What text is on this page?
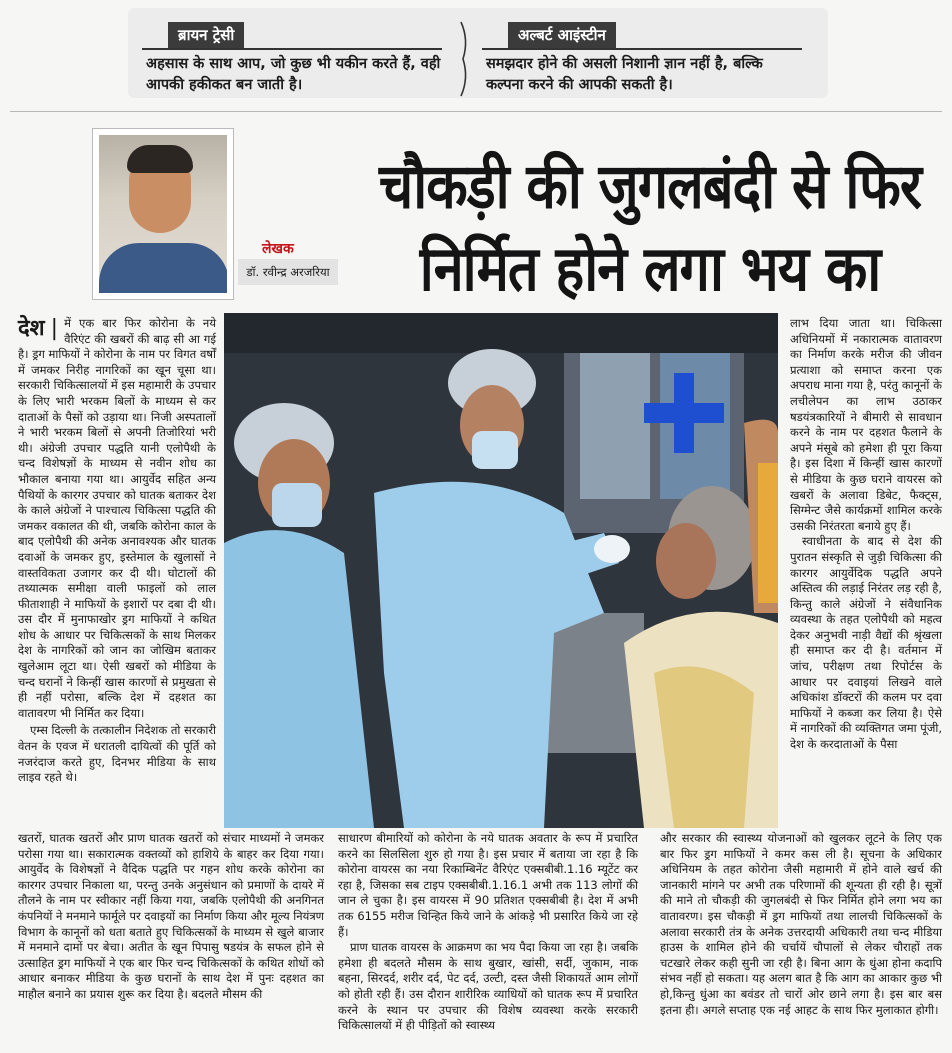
ब्रायन ट्रेसी
अहसास के साथ आप, जो कुछ भी यकीन करते हैं, वही आपकी हकीकत बन जाती है।
अल्बर्ट आइंस्टीन
समझदार होने की असली निशानी ज्ञान नहीं है, बल्कि कल्पना करने की आपकी सकती है।
लेखक
डॉ. रवीन्द्र अरजरिया
चौकड़ी की जुगलबंदी से फिर
निर्मित होने लगा भय का
देश | में एक बार फिर कोरोना के नये वैरिएंट की खबरों की बाढ़ सी आ गई है। ड्रग माफियों ने कोरोना के नाम पर विगत वर्षों में जमकर निरीह नागरिकों का खून चूसा था। सरकारी चिकित्सालयों में इस महामारी के उपचार के लिए भारी भरकम बिलों के माध्यम से कर दाताओं के पैसों को उड़ाया था। निजी अस्पतालों ने भारी भरकम बिलों से अपनी तिजोरियां भरी थी। अंग्रेजी उपचार पद्धति यानी एलोपैथी के चन्द विशेषज्ञों के माध्यम से नवीन शोध का भौकाल बनाया गया था। आयुर्वेद सहित अन्य पैथियों के कारगर उपचार को घातक बताकर देश के काले अंग्रेजों ने पाश्चात्य चिकित्सा पद्धति की जमकर वकालत की थी, जबकि कोरोना काल के बाद एलोपैथी की अनेक अनावश्यक और घातक दवाओं के जमकर हुए, इस्तेमाल के खुलासों ने वास्तविकता उजागर कर दी थी। घोटालों की तथ्यात्मक समीक्षा वाली फाइलों को लाल फीताशाही ने माफियों के इशारों पर दबा दी थी। उस दौर में मुनाफाखोर ड्रग माफियों ने कथित शोध के आधार पर चिकित्सकों के साथ मिलकर देश के नागरिकों को जान का जोखिम बताकर खुलेआम लूटा था। ऐसी खबरों को मीडिया के चन्द घरानों ने किन्हीं खास कारणों से प्रमुखता से ही नहीं परोसा, बल्कि देश में दहशत का वातावरण भी निर्मित कर दिया।

एम्स दिल्ली के तत्कालीन निदेशक तो सरकारी वेतन के एवज में धरातली दायित्वों की पूर्ति को नजरंदाज करते हुए, दिनभर मीडिया के साथ लाइव रहते थे।

लाभ दिया जाता था। चिकित्सा अधिनियमों में नकारात्मक वातावरण का निर्माण करके मरीज की जीवन प्रत्याशा को समाप्त करना एक अपराध माना गया है, परंतु कानूनों के लचीलेपन का लाभ उठाकर षडयंत्रकारियों ने बीमारी से सावधान करने के नाम पर दहशत फैलाने के अपने मंसूबे को हमेशा ही पूरा किया है। इस दिशा में किन्हीं खास कारणों से मीडिया के कुछ घराने वायरस को खबरों के अलावा डिबेट, फैक्ट्स, सिग्मेन्ट जैसे कार्यक्रमों शामिल करके उसकी निरंतरता बनाये हुए हैं।

स्वाधीनता के बाद से देश की पुरातन संस्कृति से जुड़ी चिकित्सा की कारगर आयुर्वेदिक पद्धति अपने अस्तित्व की लड़ाई निरंतर लड़ रही है, किन्तु काले अंग्रेजों ने संवैधानिक व्यवस्था के तहत एलोपैथी को महत्व देकर अनुभवी नाड़ी वैद्यों की श्रृंखला ही समाप्त कर दी है। वर्तमान में जांच, परीक्षण तथा रिपोर्टस के आधार पर दवाइयां लिखने वाले अधिकांश डॉक्टरों की कलम पर दवा माफियों ने कब्जा कर लिया है। ऐसे में नागरिकों की व्यक्तिगत जमा पूंजी, देश के करदाताओं के पैसा

खतरों, घातक खतरों और प्राण घातक खतरों को संचार माध्यमों ने जमकर परोसा गया था। सकारात्मक वक्तव्यों को हाशिये के बाहर कर दिया गया। आयुर्वेद के विशेषज्ञों ने वैदिक पद्धति पर गहन शोध करके कोरोना का कारगर उपचार निकाला था, परन्तु उनके अनुसंधान को प्रमाणों के दायरे में तौलने के नाम पर स्वीकार नहीं किया गया, जबकि एलोपैथी की अनगिनत कंपनियों ने मनमाने फार्मूले पर दवाइयों का निर्माण किया और मूल्य नियंत्रण विभाग के कानूनों को धता बताते हुए चिकित्सकों के माध्यम से खुले बाजार में मनमाने दामों पर बेचा। अतीत के खून पिपासु षडयंत्र के सफल होने से उत्साहित ड्रग माफियों ने एक बार फिर चन्द चिकित्सकों के कथित शोधों को आधार बनाकर मीडिया के कुछ घरानों के साथ देश में पुनः दहशत का माहौल बनाने का प्रयास शुरू कर दिया है। बदलते मौसम की

साधारण बीमारियों को कोरोना के नये घातक अवतार के रूप में प्रचारित करने का सिलसिला शुरु हो गया है। इस प्रचार में बताया जा रहा है कि कोरोना वायरस का नया रिकाम्बिनेंट वैरिएंट एक्सबीबी.1.16 म्यूटेंट कर रहा है, जिसका सब टाइप एक्सबीबी.1.16.1 अभी तक 113 लोगों की जान ले चुका है। इस वायरस में 90 प्रतिशत एक्सबीबी है। देश में अभी तक 6155 मरीज चिन्हित किये जाने के आंकड़े भी प्रसारित किये जा रहे हैं।

प्राण घातक वायरस के आक्रमण का भय पैदा किया जा रहा है। जबकि हमेशा ही बदलते मौसम के साथ बुखार, खांसी, सर्दी, जुकाम, नाक बहना, सिरदर्द, शरीर दर्द, पेट दर्द, उल्टी, दस्त जैसी शिकायतें आम लोगों को होती रही हैं। उस दौरान शारीरिक व्याधियों को घातक रूप में प्रचारित करने के स्थान पर उपचार की विशेष व्यवस्था करके सरकारी चिकित्सालयों में ही पीड़ितों को स्वास्थ्य

और सरकार की स्वास्थ्य योजनाओं को खुलकर लूटने के लिए एक बार फिर ड्रग माफियों ने कमर कस ली है। सूचना के अधिकार अधिनियम के तहत कोरोना जैसी महामारी में होने वाले खर्च की जानकारी मांगने पर अभी तक परिणामों की शून्यता ही रही है। सूत्रों की माने तो चौकड़ी की जुगलबंदी से फिर निर्मित होने लगा भय का वातावरण। इस चौकड़ी में ड्रग माफियों तथा लालची चिकित्सकों के अलावा सरकारी तंत्र के अनेक उत्तरदायी अधिकारी तथा चन्द मीडिया हाउस के शामिल होने की चर्चायें चौपालों से लेकर चौराहों तक चटखारे लेकर कही सुनी जा रही है। बिना आग के धुंआ होना कदापि संभव नहीं हो सकता। यह अलग बात है कि आग का आकार कुछ भी हो,किन्तु धुंआ का बवंडर तो चारों ओर छाने लगा है। इस बार बस इतना ही। अगले सप्ताह एक नई आहट के साथ फिर मुलाकात होगी।
